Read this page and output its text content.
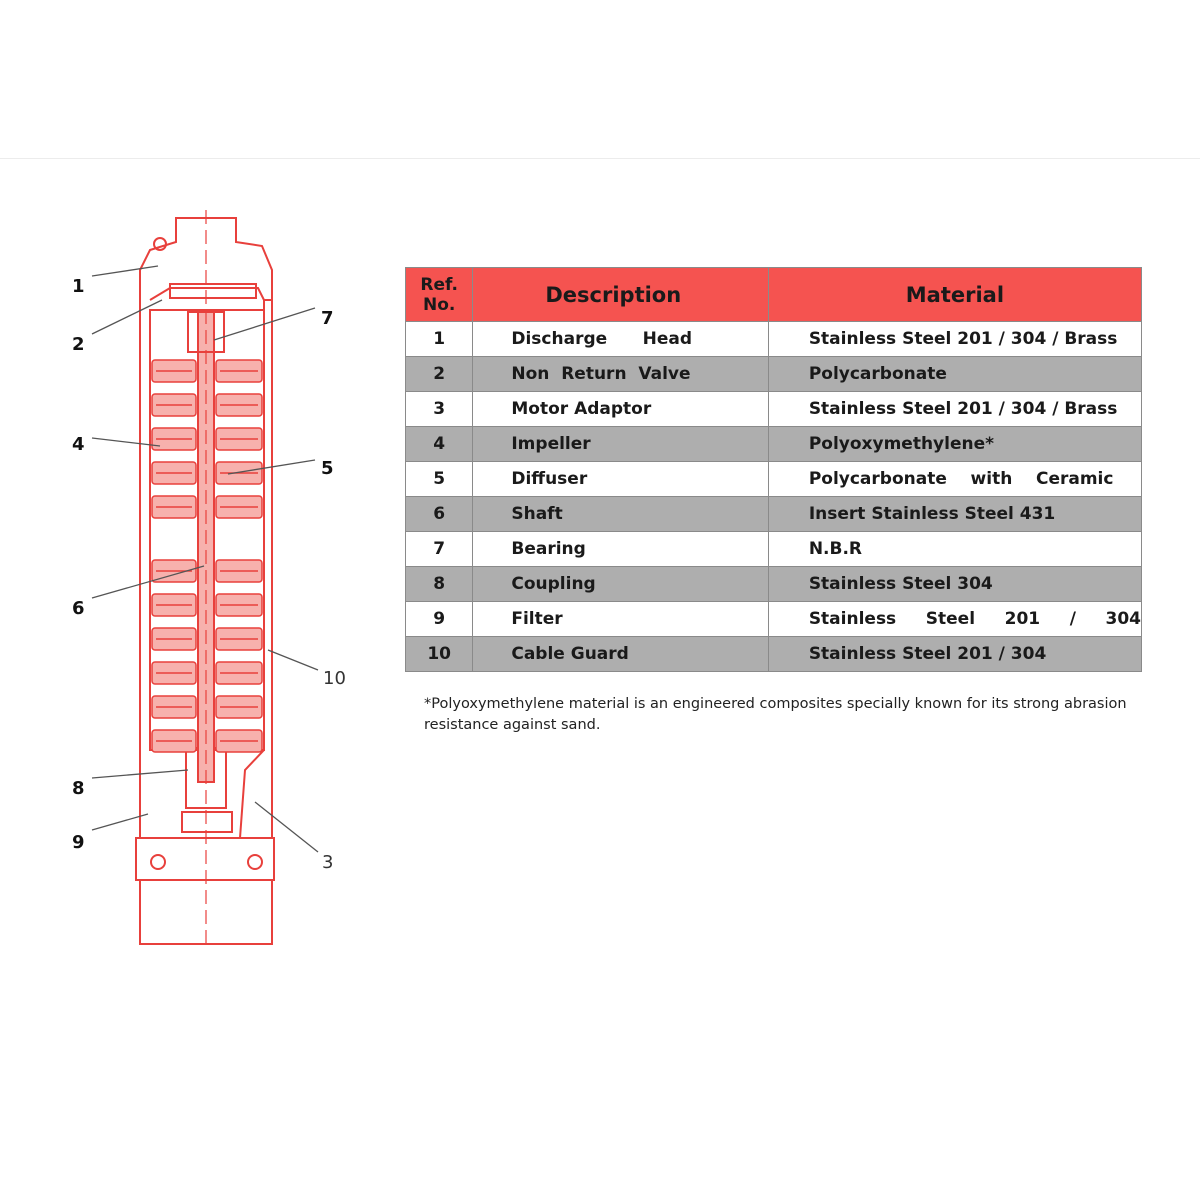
1
2
7
4
5
6
10
8
9
3
Ref. No.	Description	Material
1	Discharge      Head	Stainless Steel 201 / 304 / Brass
2	Non  Return  Valve	Polycarbonate
3	Motor Adaptor	Stainless Steel 201 / 304 / Brass
4	Impeller	Polyoxymethylene*
5	Diffuser	Polycarbonate    with    Ceramic
6	Shaft	Insert Stainless Steel 431
7	Bearing	N.B.R
8	Coupling	Stainless Steel 304
9	Filter	Stainless     Steel     201     /     304
10	Cable Guard	Stainless Steel 201 / 304
*Polyoxymethylene material is an engineered composites specially known for its strong abrasion resistance against sand.
